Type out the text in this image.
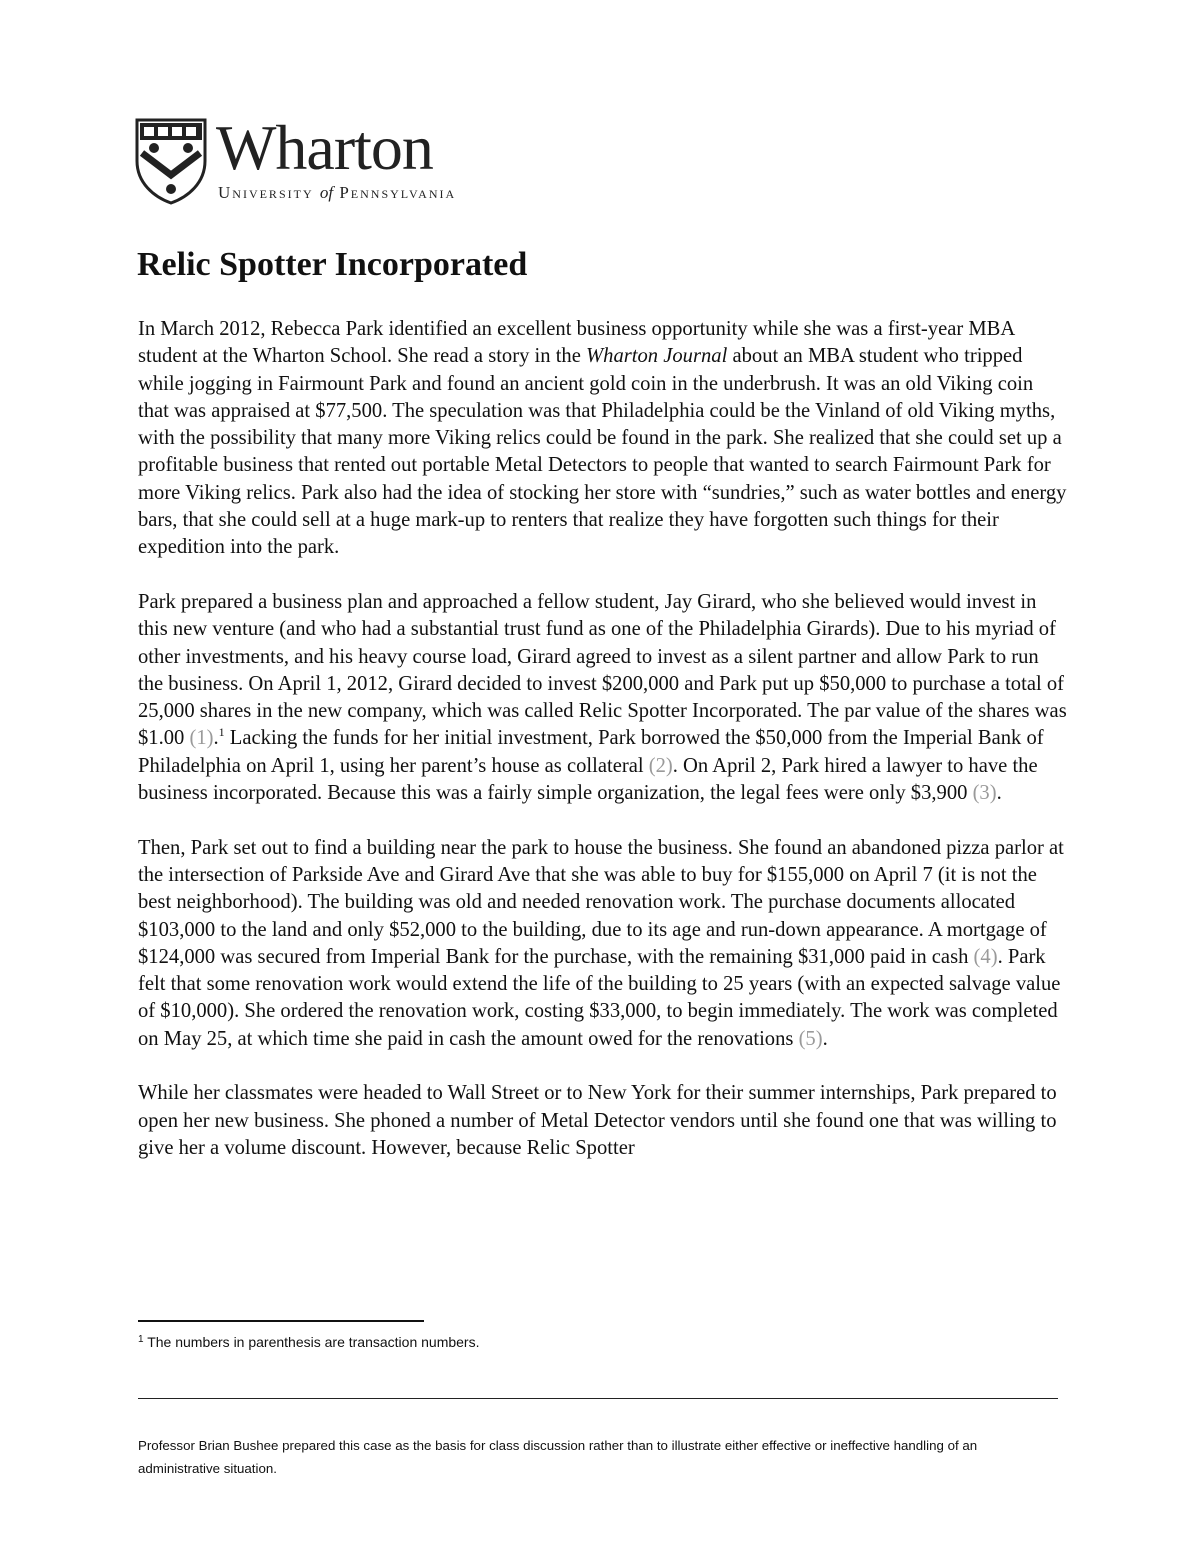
Wharton
University of Pennsylvania
Relic Spotter Incorporated

In March 2012, Rebecca Park identified an excellent business opportunity while she was a first-year MBA student at the Wharton School. She read a story in the Wharton Journal about an MBA student who tripped while jogging in Fairmount Park and found an ancient gold coin in the underbrush. It was an old Viking coin that was appraised at $77,500. The speculation was that Philadelphia could be the Vinland of old Viking myths, with the possibility that many more Viking relics could be found in the park. She realized that she could set up a profitable business that rented out portable Metal Detectors to people that wanted to search Fairmount Park for more Viking relics. Park also had the idea of stocking her store with “sundries,” such as water bottles and energy bars, that she could sell at a huge mark-up to renters that realize they have forgotten such things for their expedition into the park.

Park prepared a business plan and approached a fellow student, Jay Girard, who she believed would invest in this new venture (and who had a substantial trust fund as one of the Philadelphia Girards). Due to his myriad of other investments, and his heavy course load, Girard agreed to invest as a silent partner and allow Park to run the business. On April 1, 2012, Girard decided to invest $200,000 and Park put up $50,000 to purchase a total of 25,000 shares in the new company, which was called Relic Spotter Incorporated. The par value of the shares was $1.00 (1).$^1$ Lacking the funds for her initial investment, Park borrowed the $50,000 from the Imperial Bank of Philadelphia on April 1, using her parent’s house as collateral (2). On April 2, Park hired a lawyer to have the business incorporated. Because this was a fairly simple organization, the legal fees were only $3,900 (3).

Then, Park set out to find a building near the park to house the business. She found an abandoned pizza parlor at the intersection of Parkside Ave and Girard Ave that she was able to buy for $155,000 on April 7 (it is not the best neighborhood). The building was old and needed renovation work. The purchase documents allocated $103,000 to the land and only $52,000 to the building, due to its age and run-down appearance. A mortgage of $124,000 was secured from Imperial Bank for the purchase, with the remaining $31,000 paid in cash (4). Park felt that some renovation work would extend the life of the building to 25 years (with an expected salvage value of $10,000). She ordered the renovation work, costing $33,000, to begin immediately. The work was completed on May 25, at which time she paid in cash the amount owed for the renovations (5).

While her classmates were headed to Wall Street or to New York for their summer internships, Park prepared to open her new business. She phoned a number of Metal Detector vendors until she found one that was willing to give her a volume discount. However, because Relic Spotter

$^1$ The numbers in parenthesis are transaction numbers.
Professor Brian Bushee prepared this case as the basis for class discussion rather than to illustrate either effective or ineffective handling of an administrative situation.
